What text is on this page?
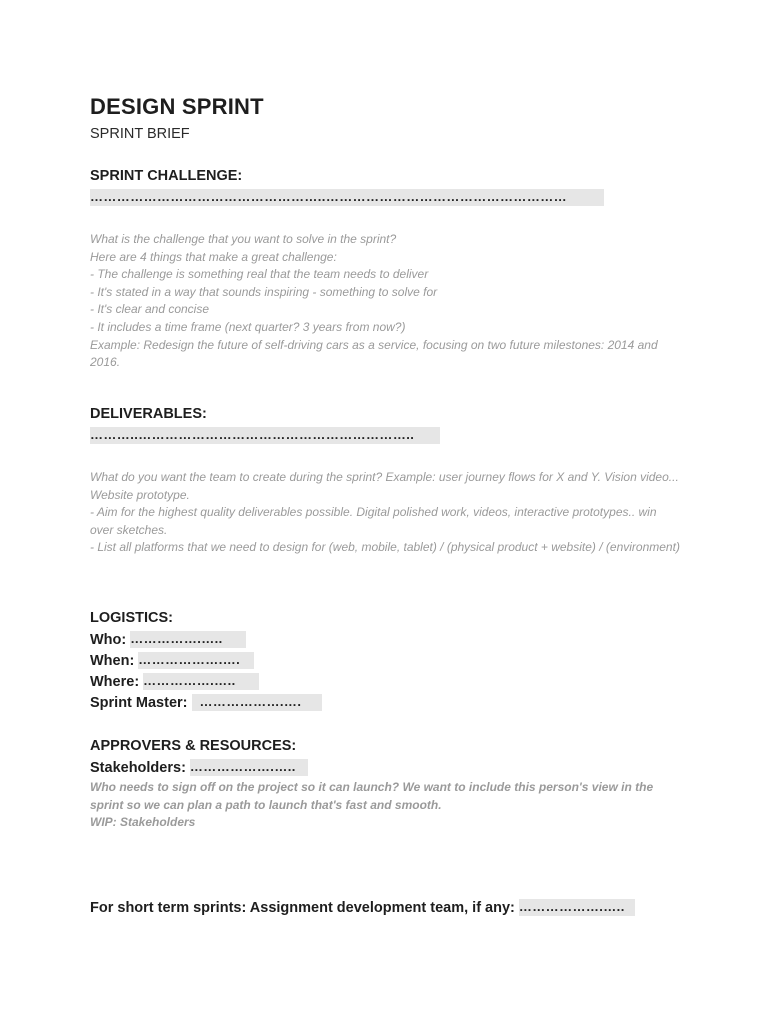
DESIGN SPRINT
SPRINT BRIEF
SPRINT CHALLENGE:
……………………………………………..………………………………………………
What is the challenge that you want to solve in the sprint?
Here are 4 things that make a great challenge:
- The challenge is something real that the team needs to deliver
- It's stated in a way that sounds inspiring - something to solve for
- It's clear and concise
- It includes a time frame (next quarter? 3 years from now?)
Example: Redesign the future of self-driving cars as a service, focusing on two future milestones: 2014 and 2016.
DELIVERABLES:
………..……………………………………………………..
What do you want the team to create during the sprint? Example: user journey flows for X and Y. Vision video... Website prototype.
- Aim for the highest quality deliverables possible. Digital polished work, videos, interactive prototypes.. win over sketches.
- List all platforms that we need to design for (web, mobile, tablet) / (physical product + website) / (environment)
LOGISTICS:
Who: …………….…..
When: ……………….….
Where: …………….…..
Sprint Master: ……………….….
APPROVERS & RESOURCES:
Stakeholders: ……………….…..
Who needs to sign off on the project so it can launch? We want to include this person's view in the sprint so we can plan a path to launch that's fast and smooth.
WIP: Stakeholders
For short term sprints: Assignment development team, if any: ……………….…..
